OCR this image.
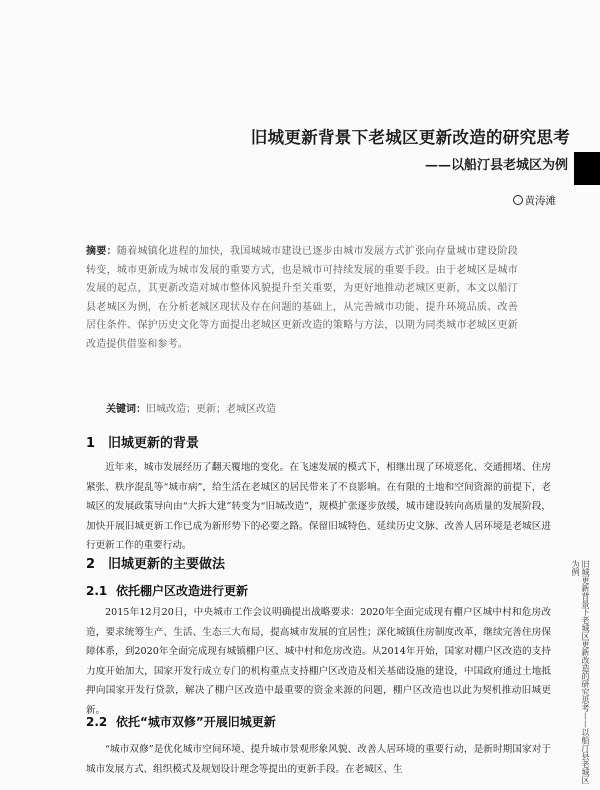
旧城更新背景下老城区更新改造的研究思考
——以船汀县老城区为例
黄涛滩
摘要：随着城镇化进程的加快，我国城城市建设已逐步由城市发展方式扩张向存量城市建设阶段转变，城市更新成为城市发展的重要方式，也是城市可持续发展的重要手段。由于老城区是城市发展的起点，其更新改造对城市整体风貌提升至关重要，为更好地推动老城区更新，本文以船汀县老城区为例，在分析老城区现状及存在问题的基础上，从完善城市功能、提升环境品质、改善居住条件、保护历史文化等方面提出老城区更新改造的策略与方法，以期为同类城市老城区更新改造提供借鉴和参考。
关键词：旧城改造；更新；老城区改造
1 旧城更新的背景
近年来，城市发展经历了翻天覆地的变化。在飞速发展的模式下，相继出现了环境恶化、交通拥堵、住房紧张、秩序混乱等“城市病”，给生活在老城区的居民带来了不良影响。在有限的土地和空间资源的前提下，老城区的发展政策导向由“大拆大建”转变为“旧城改造”，规模扩张逐步放缓，城市建设转向高质量的发展阶段，加快开展旧城更新工作已成为新形势下的必要之路。保留旧城特色、延续历史文脉、改善人居环境是老城区进行更新工作的重要行动。
2 旧城更新的主要做法
2.1 依托棚户区改造进行更新
2015年12月20日，中央城市工作会议明确提出战略要求：2020年全面完成现有棚户区城中村和危房改造，要求统筹生产、生活、生态三大布局，提高城市发展的宜居性；深化城镇住房制度改革，继续完善住房保障体系，到2020年全面完成现有城镇棚户区、城中村和危房改造。从2014年开始，国家对棚户区改造的支持力度开始加大，国家开发行成立专门的机构重点支持棚户区改造及相关基础设施的建设，中国政府通过土地抵押向国家开发行贷款，解决了棚户区改造中最重要的资金来源的问题，棚户区改造也以此为契机推动旧城更新。
2.2 依托“城市双修”开展旧城更新
“城市双修”是优化城市空间环境、提升城市景观形象风貌、改善人居环境的重要行动，是新时期国家对于城市发展方式、组织模式及规划设计理念等提出的更新手段。在老城区、生	旧城更新背景下老城区更新改造的研究思考——以船汀县老城区为例
